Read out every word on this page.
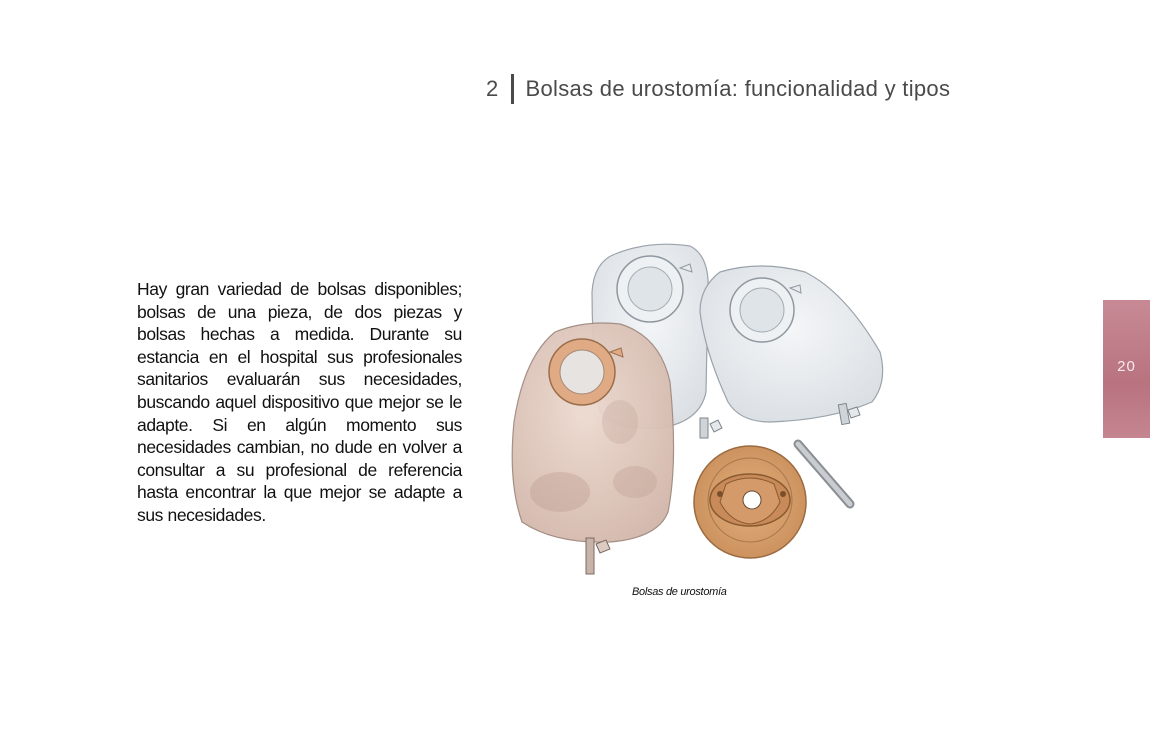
2 Bolsas de urostomía: funcionalidad y tipos
Hay gran variedad de bolsas disponibles; bolsas de una pieza, de dos piezas y bolsas hechas a medida. Durante su estancia en el hospital sus profesionales sanitarios evaluarán sus necesidades, buscando aquel dispositivo que mejor se le adapte. Si en algún momento sus necesidades cambian, no dude en volver a consultar a su profesional de referencia hasta encontrar la que mejor se adapte a sus necesidades.
Bolsas de urostomía
20
